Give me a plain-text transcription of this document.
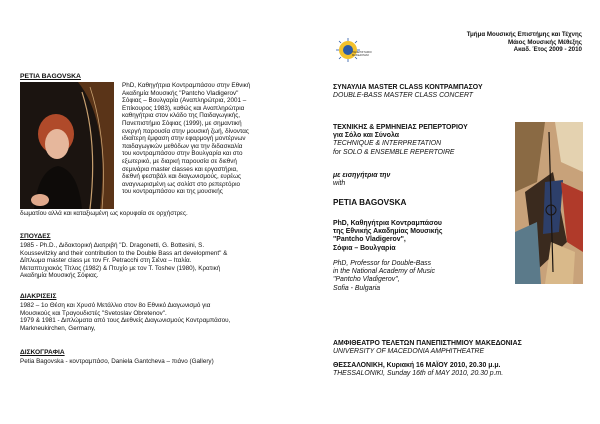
PETIA BAGOVSKA

PhD, Καθηγήτρια Κοντραμπάσου στην Εθνική

Ακαδημία Μουσικής "Pantcho Vladigerov"

Σόφιας – Βουλγαρία (Αναπληρώτρια, 2001 –

Επίκουρος 1983), καθώς και Αναπληρώτρια

καθηγήτρια στον κλάδο της Παιδαγωγικής,

Πανεπιστήμιο Σόφιας (1999), με σημαντική

ενεργή παρουσία στην μουσική ζωή, δίνοντας

ιδιαίτερη έμφαση στην εφαρμογή μοντέρνων

παιδαγωγικών μεθόδων για την διδασκαλία

του κοντραμπάσου στην Βουλγαρία και στο

εξωτερικό, με διαρκή παρουσία σε διεθνή

σεμινάρια master classes και εργαστήρια,

διεθνή φεστιβάλ και διαγωνισμούς, ευρέως

αναγνωρισμένη ως σολίστ στο ρεπερτόριο

του κοντραμπάσου και της μουσικής

δωματίου αλλά και καταξιωμένη ως κορυφαία σε ορχήστρες.

ΣΠΟΥΔΕΣ

1985 - Ph.D., Διδακτορική Διατριβή "D. Dragonetti, G. Bottesini, S.

Koussevitzky and their contribution to the Double Bass art development" &

Δίπλωμα master class με τον Fr. Petracchi στη Σιένα – Ιταλία.

Μεταπτυχιακός Τίτλος (1982) & Πτυχίο με τον T. Toshev (1980), Κρατική

Ακαδημία Μουσικής Σόφιας.

ΔΙΑΚΡΙΣΕΙΣ

1982 – 1ο Θέση και Χρυσό Μετάλλιο στον 8ο Εθνικό Διαγωνισμό για

Μουσικούς και Τραγουδιστές "Svetoslav Obretenov".

1979 & 1981 - Διπλώματα από τους Διεθνείς Διαγωνισμούς Κοντραμπάσου,

Markneukirchen, Germany,

ΔΙΣΚΟΓΡΑΦΙΑ

Petia Bagovska - κοντραμπάσο, Daniela Gantcheva – πιάνο (Gallery)

ΠΑΝΕΠΙΣΤΗΜΙΟ ΜΑΚΕΔΟΝΙΑΣ
Τμήμα Μουσικής Επιστήμης και Τέχνης
Μάιος Μουσικής Μέθεξης
Ακαδ. Έτος 2009 - 2010

ΣΥΝΑΥΛΙΑ MASTER CLASS ΚΟΝΤΡΑΜΠΑΣΟΥ

DOUBLE-BASS MASTER CLASS CONCERT

ΤΕΧΝΙΚΗΣ & ΕΡΜΗΝΕΙΑΣ ΡΕΠΕΡΤΟΡΙΟΥ

για Σόλο και Σύνολα

TECHNIQUE & INTERPRETATION

for SOLO & ENSEMBLE REPERTOIRE

με εισηγήτρια την

with

PETIA BAGOVSKA

PhD, Καθηγήτρια Κοντραμπάσου

της Εθνικής Ακαδημίας Μουσικής

"Pantcho Vladigerov",

Σόφια – Βουλγαρία

PhD, Professor for Double-Bass

in the National Academy of Music

"Pantcho Vladigerov",

Sofia - Bulgaria

ΑΜΦΙΘΕΑΤΡΟ ΤΕΛΕΤΩΝ ΠΑΝΕΠΙΣΤΗΜΙΟΥ ΜΑΚΕΔΟΝΙΑΣ

UNIVERSITY OF MACEDONIA AMPHITHEATRE

ΘΕΣΣΑΛΟΝΙΚΗ, Κυριακή 16 ΜΑΪΟΥ 2010, 20.30 μ.μ.

THESSALONIKI, Sunday 16th of MAY 2010, 20.30 p.m.
